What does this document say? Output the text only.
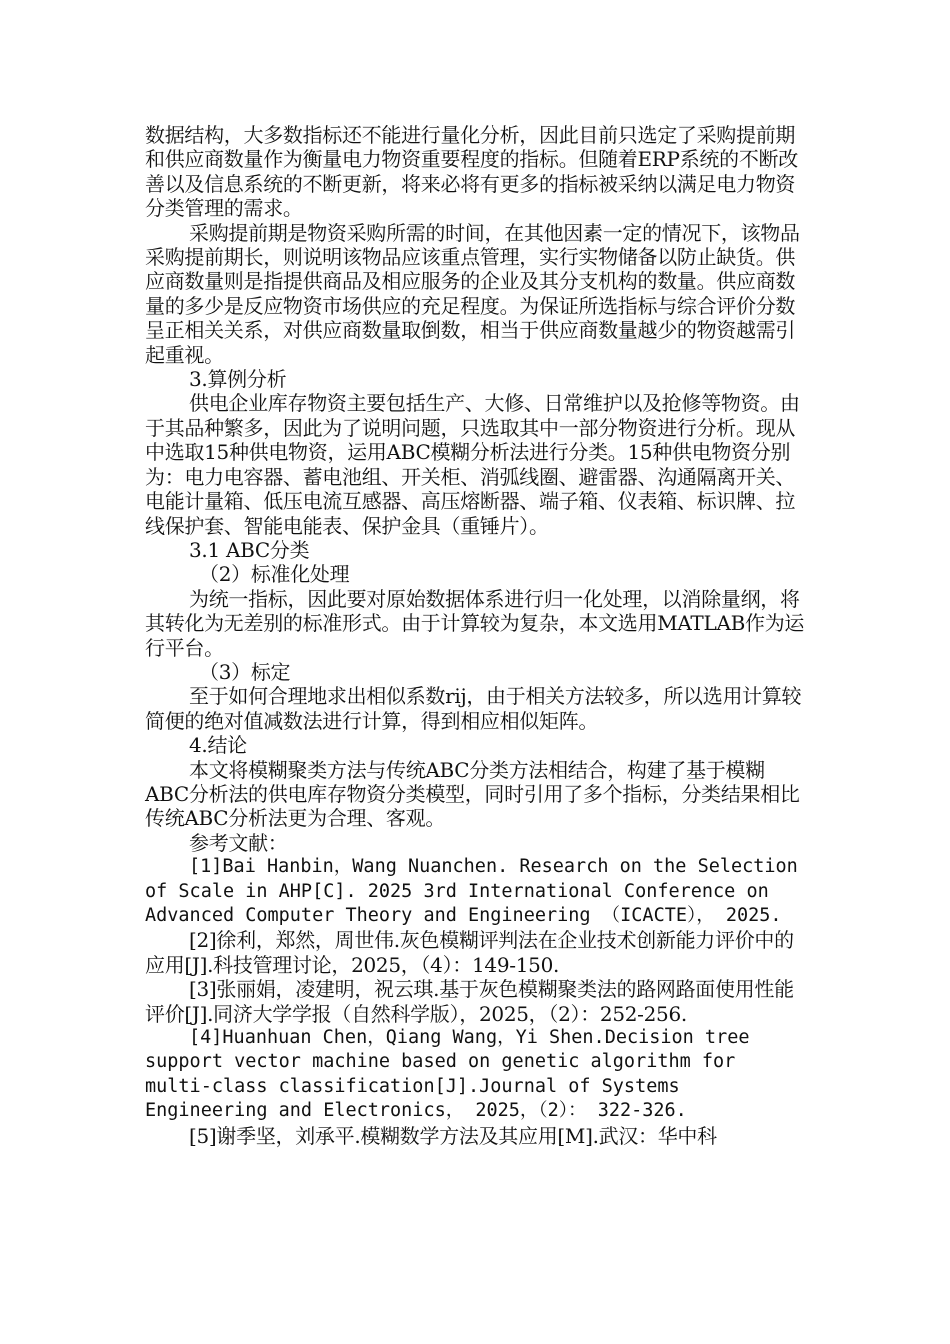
数据结构，大多数指标还不能进行量化分析，因此目前只选定了采购提前期和供应商数量作为衡量电力物资重要程度的指标。但随着ERP系统的不断改善以及信息系统的不断更新，将来必将有更多的指标被采纳以满足电力物资分类管理的需求。

采购提前期是物资采购所需的时间，在其他因素一定的情况下，该物品采购提前期长，则说明该物品应该重点管理，实行实物储备以防止缺货。供应商数量则是指提供商品及相应服务的企业及其分支机构的数量。供应商数量的多少是反应物资市场供应的充足程度。为保证所选指标与综合评价分数呈正相关关系，对供应商数量取倒数，相当于供应商数量越少的物资越需引起重视。

3.算例分析

供电企业库存物资主要包括生产、大修、日常维护以及抢修等物资。由于其品种繁多，因此为了说明问题，只选取其中一部分物资进行分析。现从中选取15种供电物资，运用ABC模糊分析法进行分类。15种供电物资分别为：电力电容器、蓄电池组、开关柜、消弧线圈、避雷器、沟通隔离开关、电能计量箱、低压电流互感器、高压熔断器、端子箱、仪表箱、标识牌、拉线保护套、智能电能表、保护金具（重锤片）。

3.1 ABC分类

（2）标准化处理

为统一指标，因此要对原始数据体系进行归一化处理，以消除量纲，将其转化为无差别的标准形式。由于计算较为复杂，本文选用MATLAB作为运行平台。

（3）标定

至于如何合理地求出相似系数rij，由于相关方法较多，所以选用计算较简便的绝对值减数法进行计算，得到相应相似矩阵。

4.结论

本文将模糊聚类方法与传统ABC分类方法相结合，构建了基于模糊ABC分析法的供电库存物资分类模型，同时引用了多个指标，分类结果相比传统ABC分析法更为合理、客观。

参考文献：

[1]Bai Hanbin，Wang Nuanchen. Research on the Selection of Scale in AHP[C]. 2025 3rd International Conference on Advanced Computer Theory and Engineering （ICACTE）， 2025.

[2]徐利，郑然，周世伟.灰色模糊评判法在企业技术创新能力评价中的应用[J].科技管理讨论，2025，（4）：149-150.

[3]张丽娟，凌建明，祝云琪.基于灰色模糊聚类法的路网路面使用性能评价[J].同济大学学报（自然科学版），2025，（2）：252-256.

[4]Huanhuan Chen，Qiang Wang，Yi Shen.Decision tree support vector machine based on genetic algorithm for multi-class classification[J].Journal of Systems Engineering and Electronics， 2025，（2）： 322-326.

[5]谢季坚，刘承平.模糊数学方法及其应用[M].武汉：华中科
